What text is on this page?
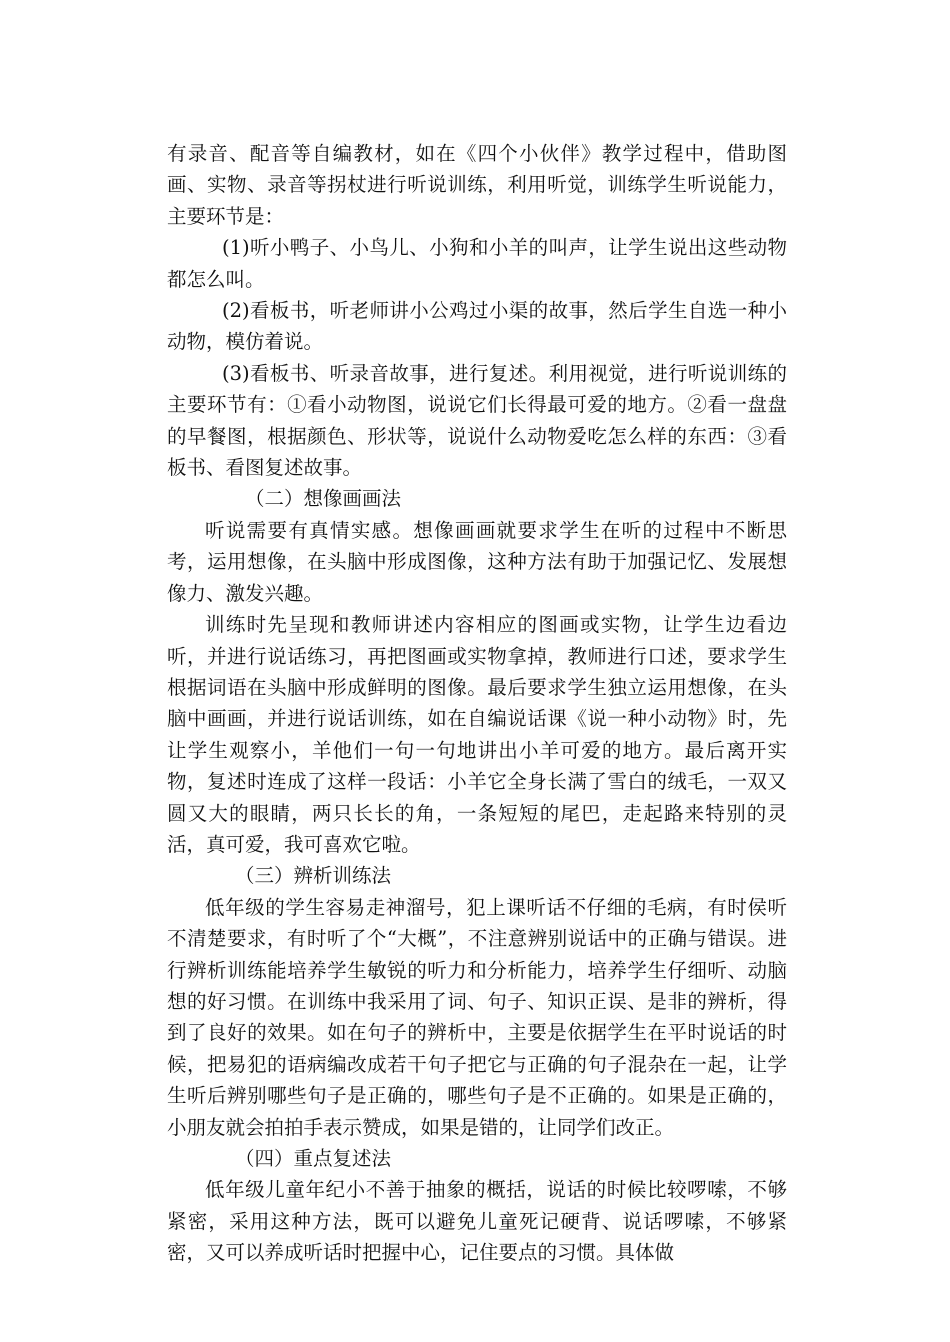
有录音、配音等自编教材，如在《四个小伙伴》教学过程中，借助图画、实物、录音等拐杖进行听说训练，利用听觉，训练学生听说能力，主要环节是：

(1)听小鸭子、小鸟儿、小狗和小羊的叫声，让学生说出这些动物都怎么叫。

(2)看板书，听老师讲小公鸡过小渠的故事，然后学生自选一种小动物，模仿着说。

(3)看板书、听录音故事，进行复述。利用视觉，进行听说训练的主要环节有：①看小动物图，说说它们长得最可爱的地方。②看一盘盘的早餐图，根据颜色、形状等，说说什么动物爱吃怎么样的东西：③看板书、看图复述故事。

（二）想像画画法

听说需要有真情实感。想像画画就要求学生在听的过程中不断思考，运用想像，在头脑中形成图像，这种方法有助于加强记忆、发展想像力、激发兴趣。

训练时先呈现和教师讲述内容相应的图画或实物，让学生边看边听，并进行说话练习，再把图画或实物拿掉，教师进行口述，要求学生根据词语在头脑中形成鲜明的图像。最后要求学生独立运用想像，在头脑中画画，并进行说话训练，如在自编说话课《说一种小动物》时，先让学生观察小，羊他们一句一句地讲出小羊可爱的地方。最后离开实物，复述时连成了这样一段话：小羊它全身长满了雪白的绒毛，一双又圆又大的眼睛，两只长长的角，一条短短的尾巴，走起路来特别的灵活，真可爱，我可喜欢它啦。

（三）辨析训练法

低年级的学生容易走神溜号，犯上课听话不仔细的毛病，有时侯听不清楚要求，有时听了个“大概”，不注意辨别说话中的正确与错误。进行辨析训练能培养学生敏锐的听力和分析能力，培养学生仔细听、动脑想的好习惯。在训练中我采用了词、句子、知识正误、是非的辨析，得到了良好的效果。如在句子的辨析中，主要是依据学生在平时说话的时候，把易犯的语病编改成若干句子把它与正确的句子混杂在一起，让学生听后辨别哪些句子是正确的，哪些句子是不正确的。如果是正确的，小朋友就会拍拍手表示赞成，如果是错的，让同学们改正。

（四）重点复述法

低年级儿童年纪小不善于抽象的概括，说话的时候比较啰嗦，不够紧密，采用这种方法，既可以避免儿童死记硬背、说话啰嗦，不够紧密，又可以养成听话时把握中心，记住要点的习惯。具体做
